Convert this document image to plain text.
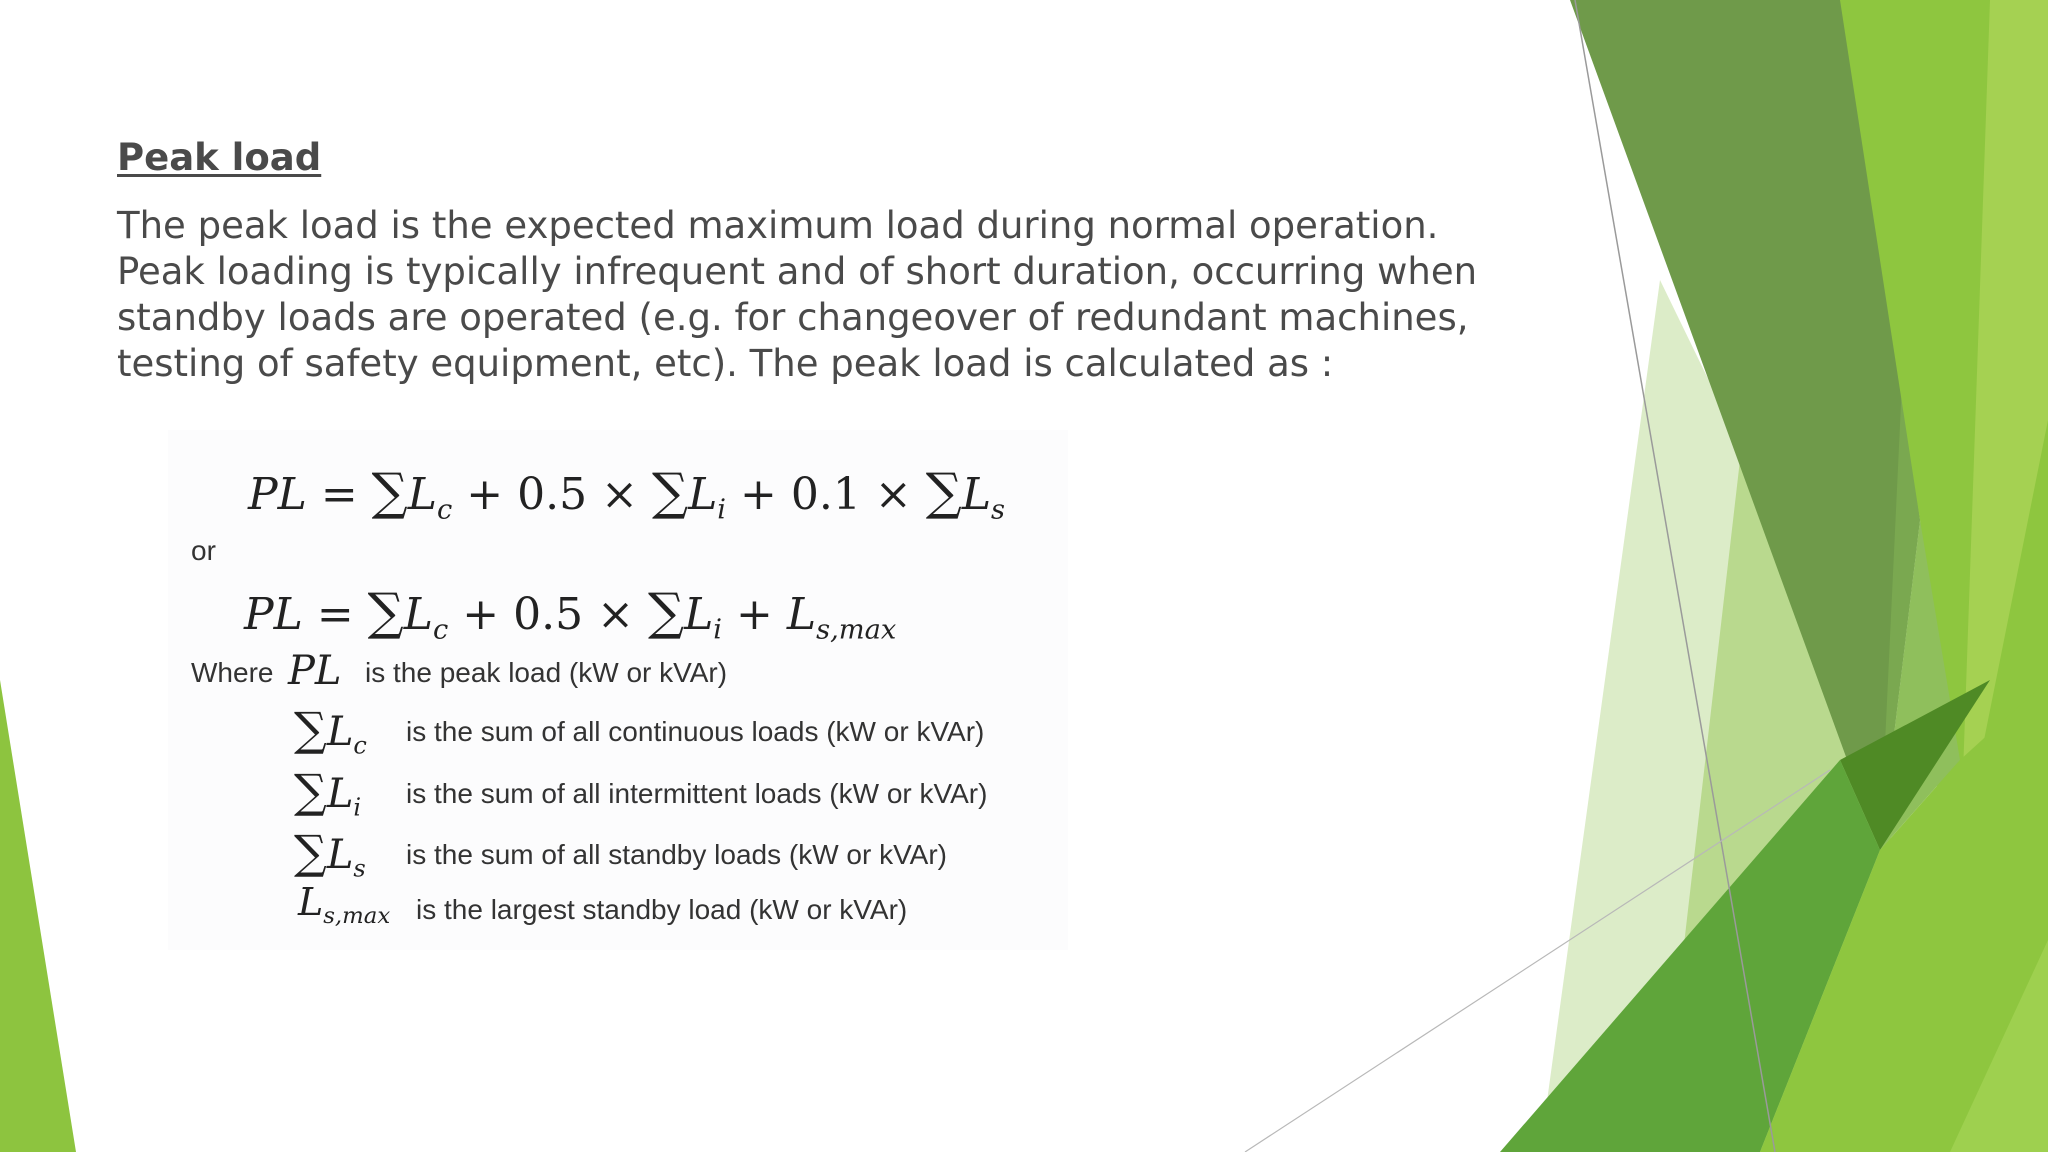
Peak load
The peak load is the expected maximum load during normal operation. Peak loading is typically infrequent and of short duration, occurring when standby loads are operated (e.g. for changeover of redundant machines, testing of safety equipment, etc). The peak load is calculated as :
PL = $\sum L_c + 0.5 \times \sum L_i + 0.1 \times \sum L_s$
or
PL = $\sum L_c + 0.5 \times \sum L_i + L_{s,max}$
Where PL is the peak load (kW or kVAr)
$\sum L_c$ is the sum of all continuous loads (kW or kVAr)
$\sum L_i$ is the sum of all intermittent loads (kW or kVAr)
$\sum L_s$ is the sum of all standby loads (kW or kVAr)
$L_{s,max}$ is the largest standby load (kW or kVAr)
